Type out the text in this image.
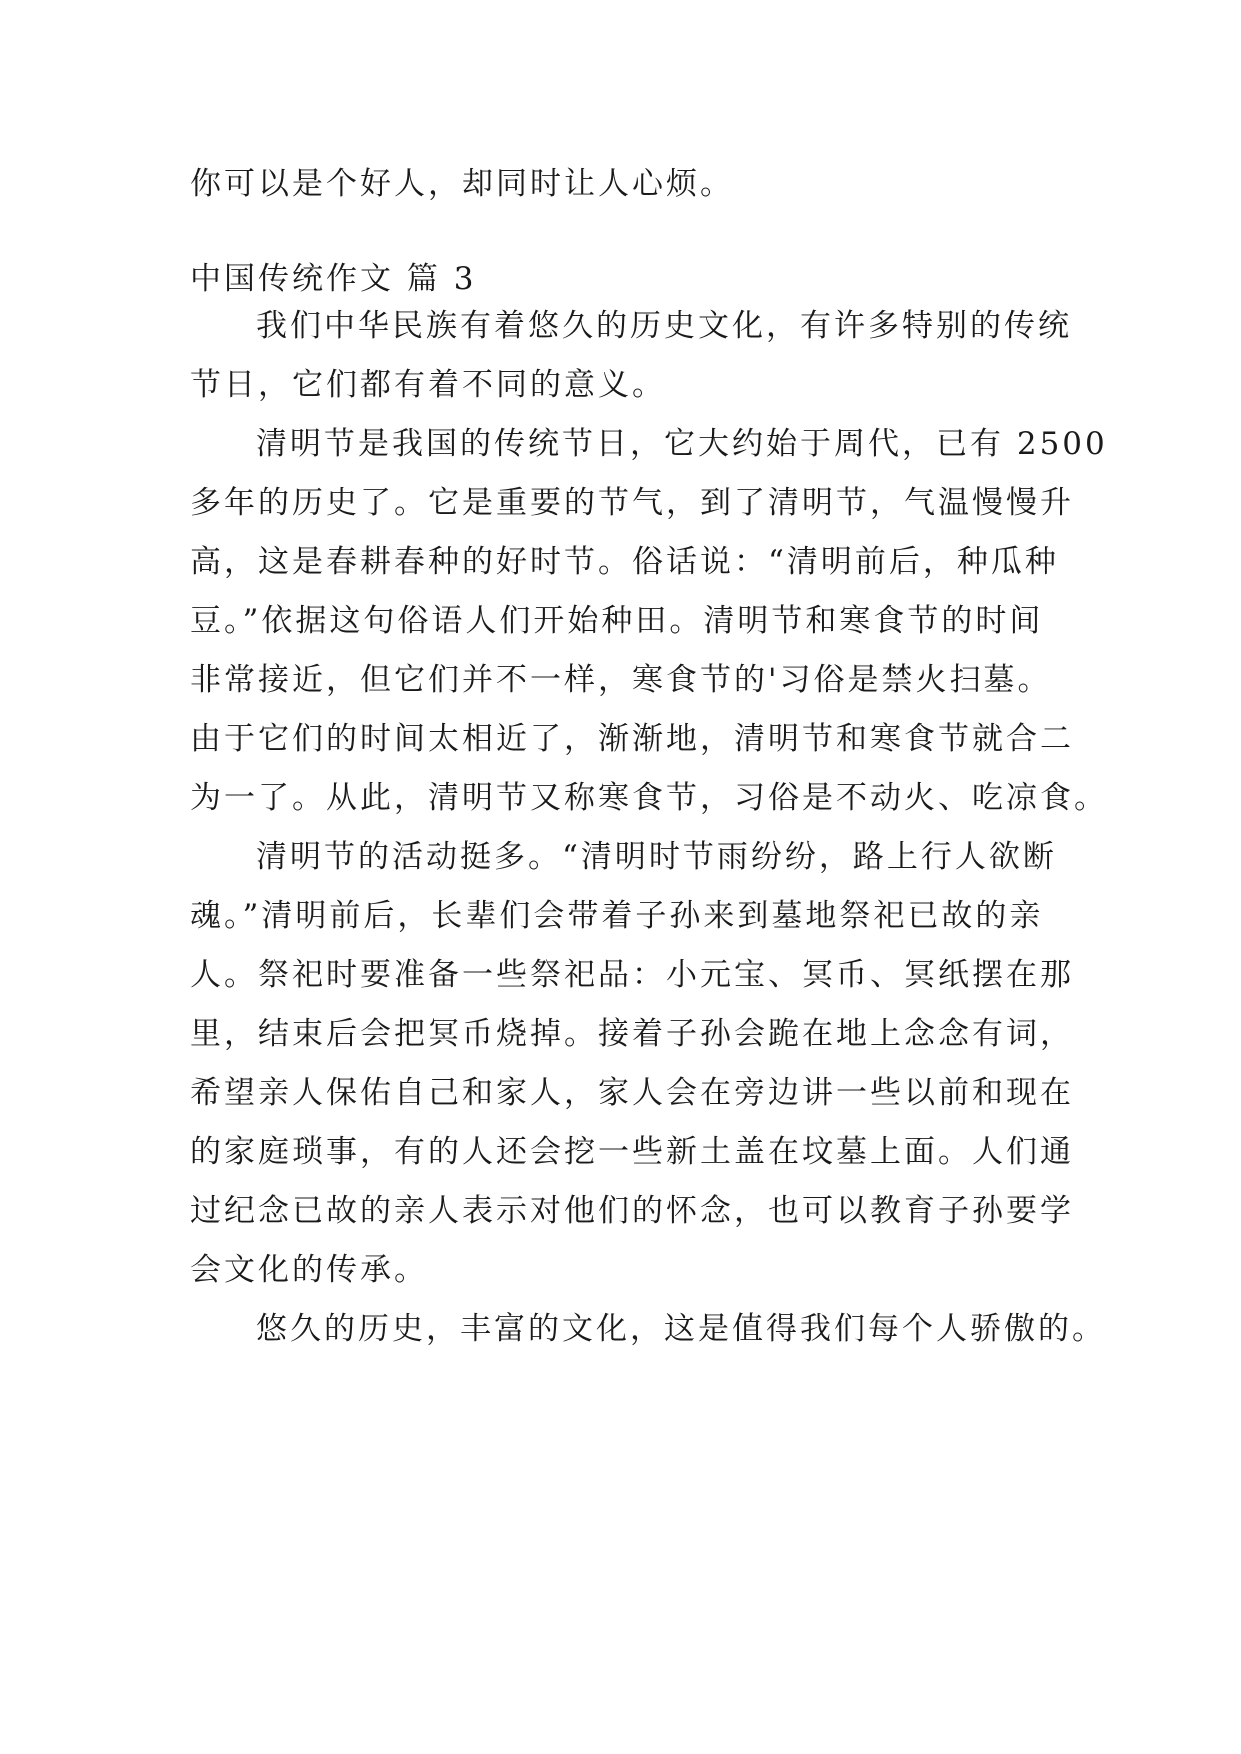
你可以是个好人，却同时让人心烦。
中国传统作文 篇 3
我们中华民族有着悠久的历史文化，有许多特别的传统
节日，它们都有着不同的意义。
清明节是我国的传统节日，它大约始于周代，已有 2500
多年的历史了。它是重要的节气，到了清明节，气温慢慢升
高，这是春耕春种的好时节。俗话说：“清明前后，种瓜种
豆。”依据这句俗语人们开始种田。清明节和寒食节的时间
非常接近，但它们并不一样，寒食节的'习俗是禁火扫墓。
由于它们的时间太相近了，渐渐地，清明节和寒食节就合二
为一了。从此，清明节又称寒食节，习俗是不动火、吃凉食。
清明节的活动挺多。“清明时节雨纷纷，路上行人欲断
魂。”清明前后，长辈们会带着子孙来到墓地祭祀已故的亲
人。祭祀时要准备一些祭祀品：小元宝、冥币、冥纸摆在那
里，结束后会把冥币烧掉。接着子孙会跪在地上念念有词，
希望亲人保佑自己和家人，家人会在旁边讲一些以前和现在
的家庭琐事，有的人还会挖一些新土盖在坟墓上面。人们通
过纪念已故的亲人表示对他们的怀念，也可以教育子孙要学
会文化的传承。
悠久的历史，丰富的文化，这是值得我们每个人骄傲的。
